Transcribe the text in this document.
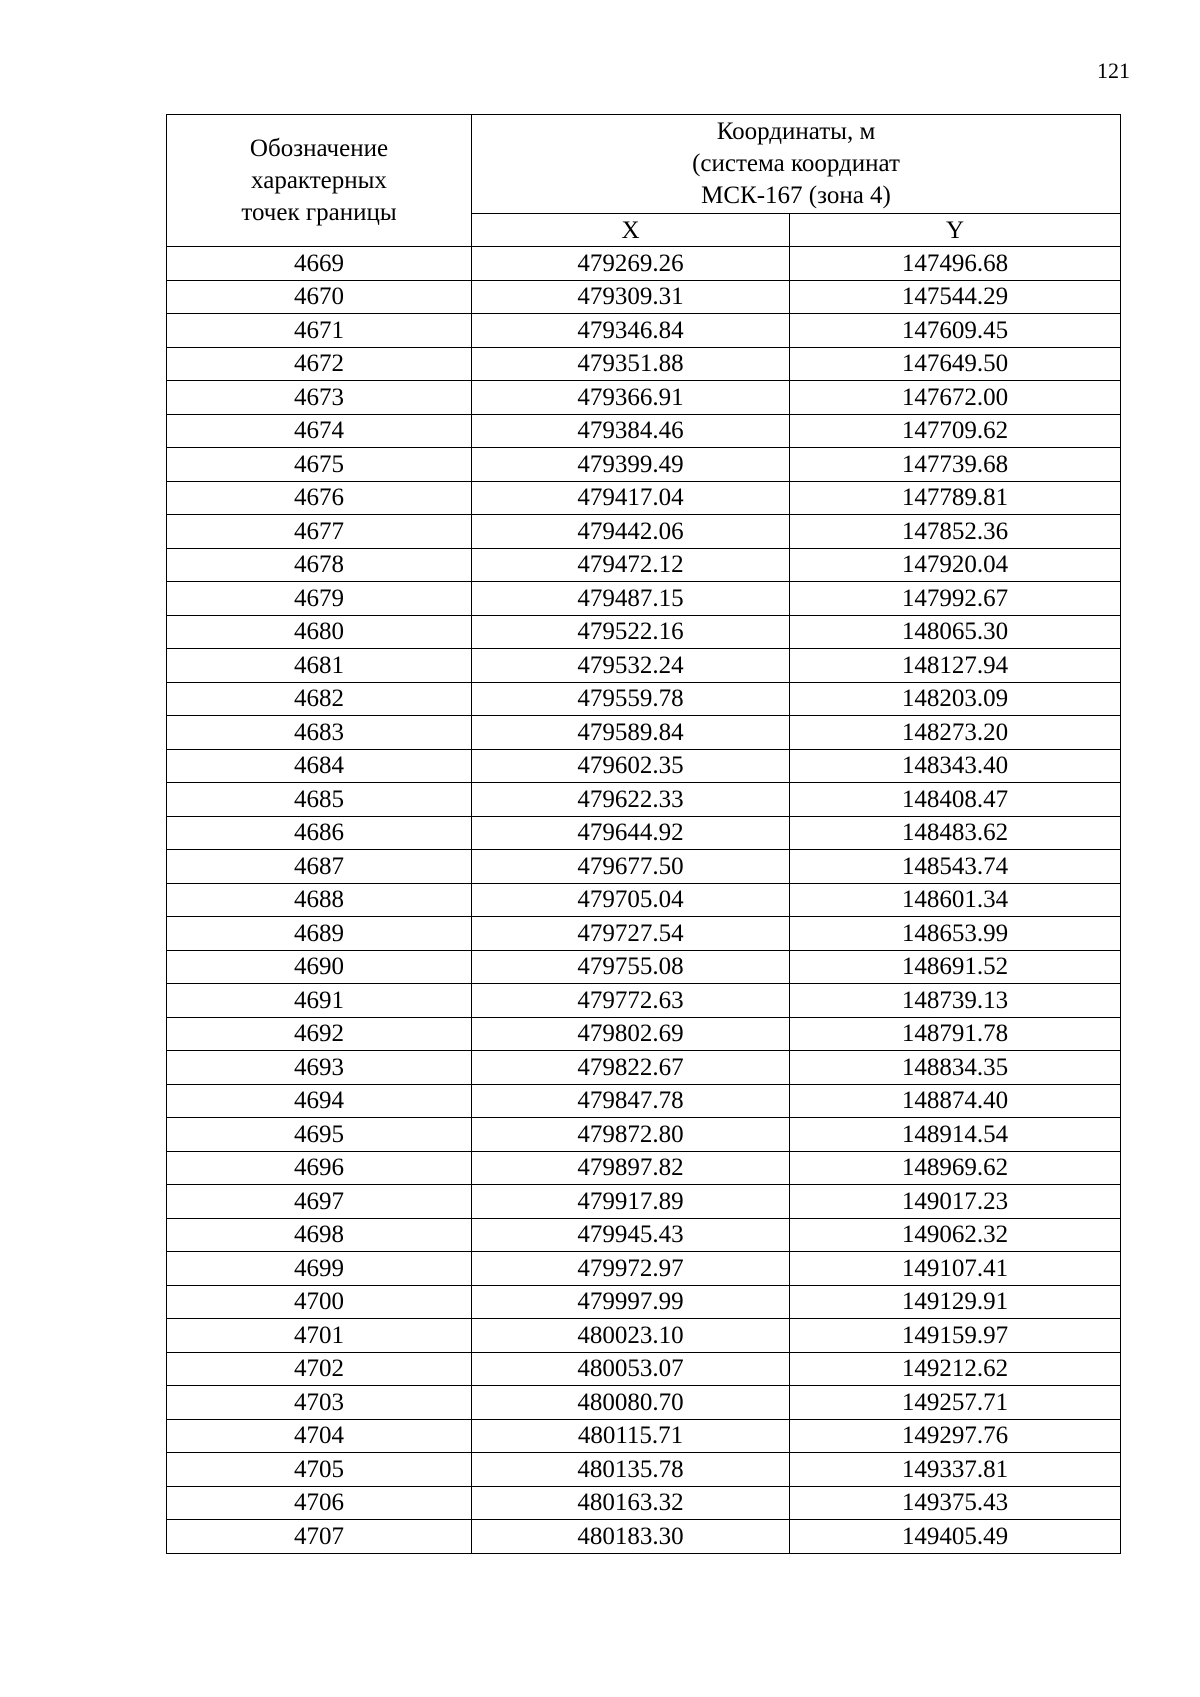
121
Обозначение
характерных
точек границы	Координаты, м
(система координат
МСК-167 (зона 4)	

	X	Y
4669	479269.26	147496.68
4670	479309.31	147544.29
4671	479346.84	147609.45
4672	479351.88	147649.50
4673	479366.91	147672.00
4674	479384.46	147709.62
4675	479399.49	147739.68
4676	479417.04	147789.81
4677	479442.06	147852.36
4678	479472.12	147920.04
4679	479487.15	147992.67
4680	479522.16	148065.30
4681	479532.24	148127.94
4682	479559.78	148203.09
4683	479589.84	148273.20
4684	479602.35	148343.40
4685	479622.33	148408.47
4686	479644.92	148483.62
4687	479677.50	148543.74
4688	479705.04	148601.34
4689	479727.54	148653.99
4690	479755.08	148691.52
4691	479772.63	148739.13
4692	479802.69	148791.78
4693	479822.67	148834.35
4694	479847.78	148874.40
4695	479872.80	148914.54
4696	479897.82	148969.62
4697	479917.89	149017.23
4698	479945.43	149062.32
4699	479972.97	149107.41
4700	479997.99	149129.91
4701	480023.10	149159.97
4702	480053.07	149212.62
4703	480080.70	149257.71
4704	480115.71	149297.76
4705	480135.78	149337.81
4706	480163.32	149375.43
4707	480183.30	149405.49
